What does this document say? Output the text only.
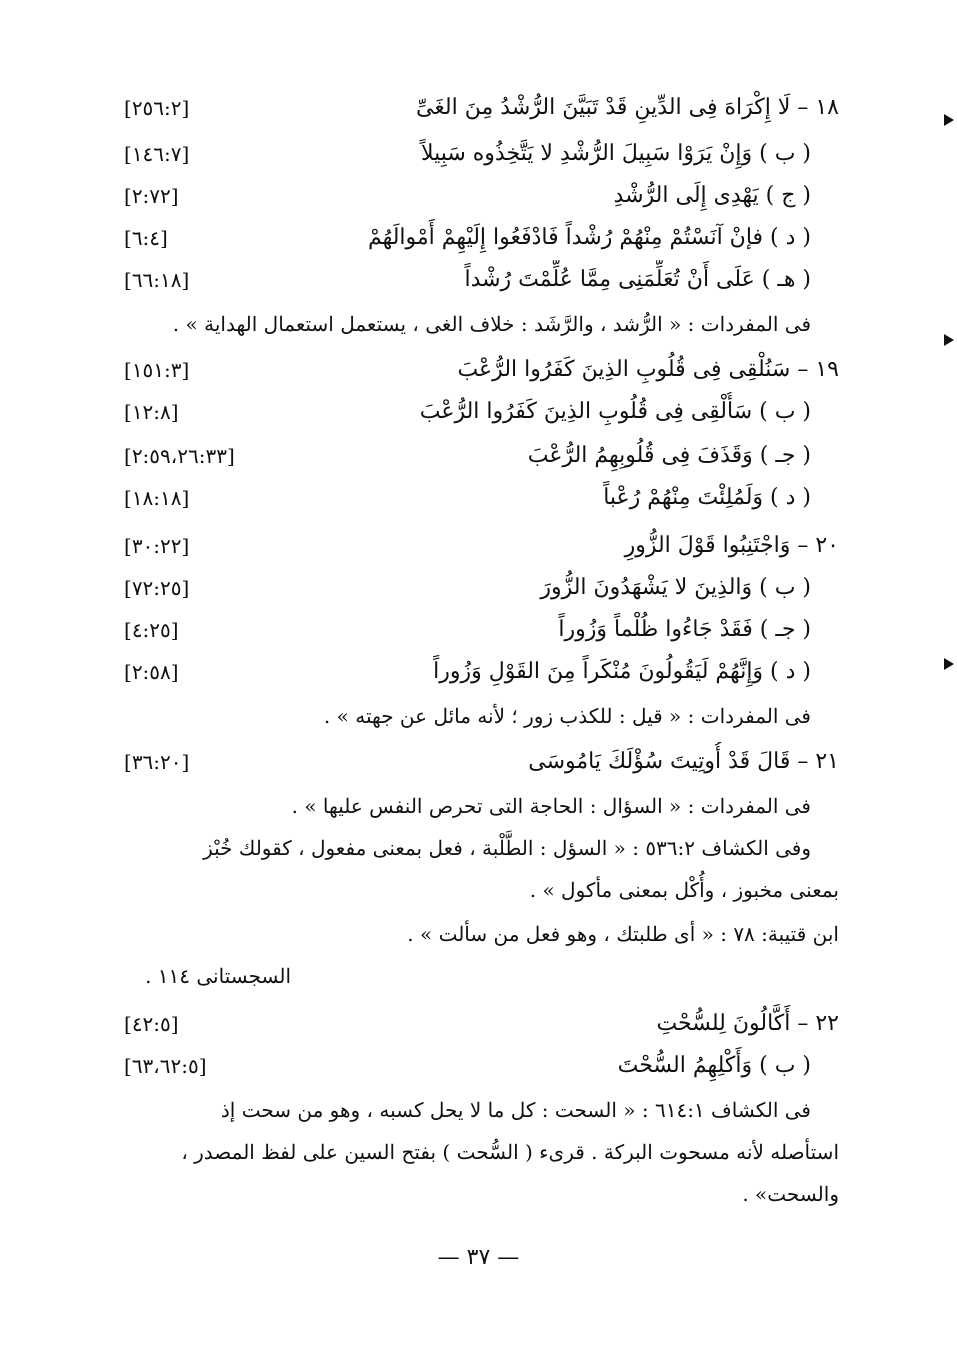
١٨ – لَا إِكْرَاهَ فِى الدِّينِ قَدْ تَبَيَّنَ الرُّشْدُ مِنَ الغَىِّ
[٢٥٦:٢]
( ب ) وَإِنْ يَرَوْا سَبِيلَ الرُّشْدِ لا يَتَّخِذُوه سَبِيلاً
[١٤٦:٧]
( ج ) يَهْدِى إِلَى الرُّشْدِ
[٢:٧٢]
( د ) فإنْ آنَسْتُمْ مِنْهُمْ رُشْداً فَادْفَعُوا إِلَيْهِمْ أَمْوالَهُمْ
[٦:٤]
( هـ ) عَلَى أَنْ تُعَلِّمَنِى مِمَّا عُلِّمْتَ رُشْداً
[٦٦:١٨]
فى المفردات : « الرُّشد ، والرَّشَد : خلاف الغى ، يستعمل استعمال الهداية » .
١٩ – سَنُلْقِى فِى قُلُوبِ الذِينَ كَفَرُوا الرُّعْبَ
[١٥١:٣]
( ب ) سَأُلْقِى فِى قُلُوبِ الذِينَ كَفَرُوا الرُّعْبَ
[١٢:٨]
( جـ ) وَقَذَفَ فِى قُلُوبِهِمُ الرُّعْبَ
[٢:٥٩،٢٦:٣٣]
( د ) وَلَمُلِئْتَ مِنْهُمْ رُعْباً
[١٨:١٨]
٢٠ – وَاجْتَنِبُوا قَوْلَ الزُّورِ
[٣٠:٢٢]
( ب ) وَالذِينَ لا يَشْهَدُونَ الزُّورَ
[٧٢:٢٥]
( جـ ) فَقَدْ جَاءُوا ظُلْماً وَزُوراً
[٤:٢٥]
( د ) وَإِنَّهُمْ لَيَقُولُونَ مُنْكَراً مِنَ القَوْلِ وَزُوراً
[٢:٥٨]
فى المفردات : « قيل : للكذب زور ؛ لأنه مائل عن جهته » .
٢١ – قَالَ قَدْ أُوتِيتَ سُؤْلَكَ يَامُوسَى
[٣٦:٢٠]
فى المفردات : « السؤال : الحاجة التى تحرص النفس عليها » .
وفى الكشاف ٥٣٦:٢ : « السؤل : الطَّلْبة ، فعل بمعنى مفعول ، كقولك خُبْز
بمعنى مخبوز ، وأُكْل بمعنى مأكول » .
ابن قتيبة: ٧٨ : « أى طلبتك ، وهو فعل من سألت » .
السجستانى ١١٤ .
٢٢ – أَكَّالُونَ لِلسُّحْتِ
[٤٢:٥]
( ب ) وَأَكْلِهِمُ السُّحْتَ
[٦٣،٦٢:٥]
فى الكشاف ٦١٤:١ : « السحت : كل ما لا يحل كسبه ، وهو من سحت إذ
استأصله لأنه مسحوت البركة . قرىء ( السُّحت ) بفتح السين على لفظ المصدر ،
والسحت» .
— ٣٧ —
